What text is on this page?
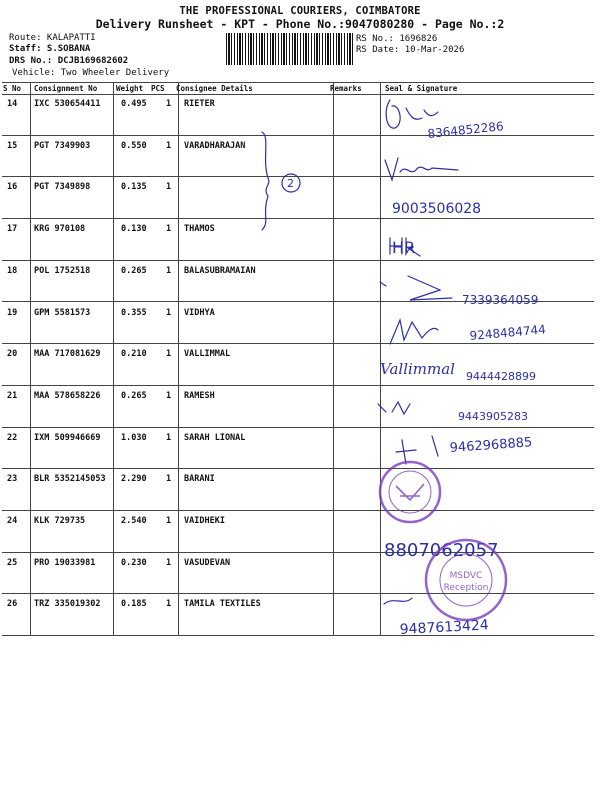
THE PROFESSIONAL COURIERS, COIMBATORE
Delivery Runsheet - KPT - Phone No.:9047080280 - Page No.:2
Route: KALAPATTI
Staff: S.SOBANA
DRS No.: DCJB169682602
Vehicle: Two Wheeler Delivery
RS No.: 1696826
RS Date: 10-Mar-2026
S No Consignment No	Weight PCS Consignee Details	Remarks	Seal & Signature
14 IXC 530654411 0.495 1 RIETER
15 PGT 7349903	0.550 1 VARADHARAJAN
16 PGT 7349898	0.135 1
17 KRG 970108	0.130 1 THAMOS
18 POL 1752518	0.265 1 BALASUBRAMAIAN
19 GPM 5581573	0.355 1 VIDHYA
20 MAA 717081629 0.210 1 VALLIMMAL
21 MAA 578658226 0.265 1 RAMESH
22 IXM 509946669 1.030 1 SARAH LIONAL
23 BLR 5352145053 2.290 1 BARANI
24 KLK 729735	2.540 1 VAIDHEKI
25 PRO 19033981	0.230 1 VASUDEVAN
26 TRZ 335019302 0.185 1 TAMILA TEXTILES
2
8364852286
9003506028
HR
7339364059
9248484744
Vallimmal 9444428899
9443905283
9462968885
8807062057
9487613424
MSDVC
Reception
